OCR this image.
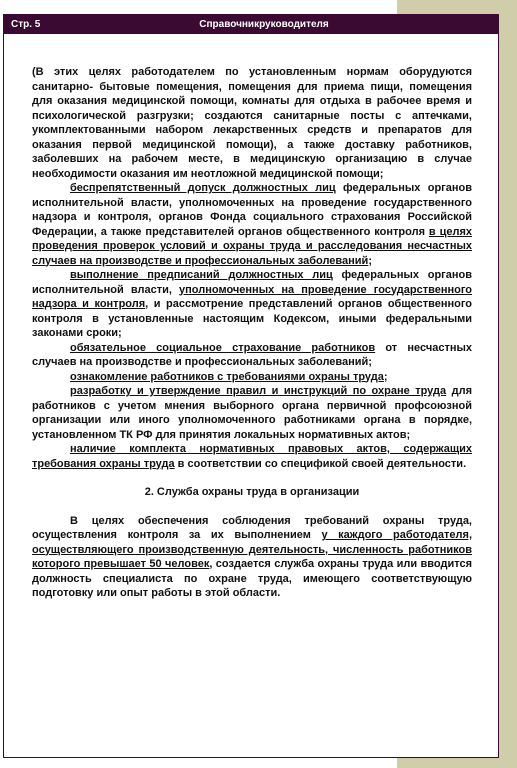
Стр. 5	Справочникруководителя

(В этих целях работодателем по установленным нормам оборудуются санитарно- бытовые помещения, помещения для приема пищи, помещения для оказания медицинской помощи, комнаты для отдыха в рабочее время и психологической разгрузки; создаются санитарные посты с аптечками, укомплектованными набором лекарственных средств и препаратов для оказания первой медицинской помощи), а также доставку работников, заболевших на рабочем месте, в медицинскую организацию в случае необходимости оказания им неотложной медицинской помощи;

беспрепятственный допуск должностных лиц федеральных органов исполнительной власти, уполномоченных на проведение государственного надзора и контроля, органов Фонда социального страхования Российской Федерации, а также представителей органов общественного контроля в целях проведения проверок условий и охраны труда и расследования несчастных случаев на производстве и профессиональных заболеваний;

выполнение предписаний должностных лиц федеральных органов исполнительной власти, уполномоченных на проведение государственного надзора и контроля, и рассмотрение представлений органов общественного контроля в установленные настоящим Кодексом, иными федеральными законами сроки;

обязательное социальное страхование работников от несчастных случаев на производстве и профессиональных заболеваний;

ознакомление работников с требованиями охраны труда;

разработку и утверждение правил и инструкций по охране труда для работников с учетом мнения выборного органа первичной профсоюзной организации или иного уполномоченного работниками органа в порядке, установленном ТК РФ для принятия локальных нормативных актов;

наличие комплекта нормативных правовых актов, содержащих требования охраны труда в соответствии со спецификой своей деятельности.

2. Служба охраны труда в организации

В целях обеспечения соблюдения требований охраны труда, осуществления контроля за их выполнением у каждого работодателя, осуществляющего производственную деятельность, численность работников которого превышает 50 человек, создается служба охраны труда или вводится должность специалиста по охране труда, имеющего соответствующую подготовку или опыт работы в этой области.
